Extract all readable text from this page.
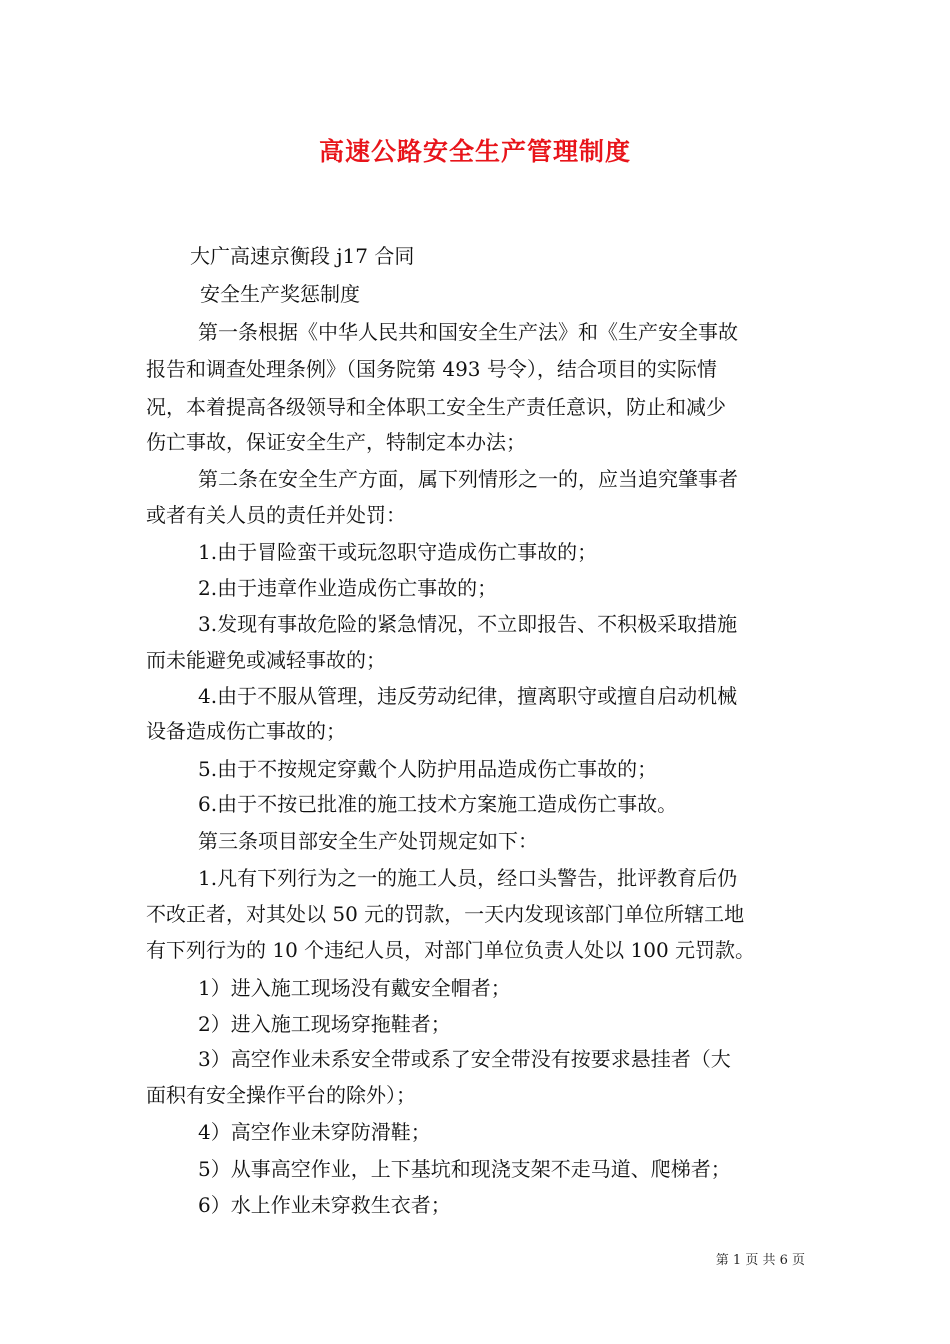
高速公路安全生产管理制度
大广高速京衡段 j17 合同
安全生产奖惩制度
第一条根据《中华人民共和国安全生产法》和《生产安全事故
报告和调查处理条例》（国务院第 493 号令），结合项目的实际情
况，本着提高各级领导和全体职工安全生产责任意识，防止和减少
伤亡事故，保证安全生产，特制定本办法；
第二条在安全生产方面，属下列情形之一的，应当追究肇事者
或者有关人员的责任并处罚：
1.由于冒险蛮干或玩忽职守造成伤亡事故的；
2.由于违章作业造成伤亡事故的；
3.发现有事故危险的紧急情况，不立即报告、不积极采取措施
而未能避免或减轻事故的；
4.由于不服从管理，违反劳动纪律，擅离职守或擅自启动机械
设备造成伤亡事故的；
5.由于不按规定穿戴个人防护用品造成伤亡事故的；
6.由于不按已批准的施工技术方案施工造成伤亡事故。
第三条项目部安全生产处罚规定如下：
1.凡有下列行为之一的施工人员，经口头警告，批评教育后仍
不改正者，对其处以 50 元的罚款，一天内发现该部门单位所辖工地
有下列行为的 10 个违纪人员，对部门单位负责人处以 100 元罚款。
1）进入施工现场没有戴安全帽者；
2）进入施工现场穿拖鞋者；
3）高空作业未系安全带或系了安全带没有按要求悬挂者（大
面积有安全操作平台的除外）；
4）高空作业未穿防滑鞋；
5）从事高空作业，上下基坑和现浇支架不走马道、爬梯者；
6）水上作业未穿救生衣者；
第 1 页 共 6 页
